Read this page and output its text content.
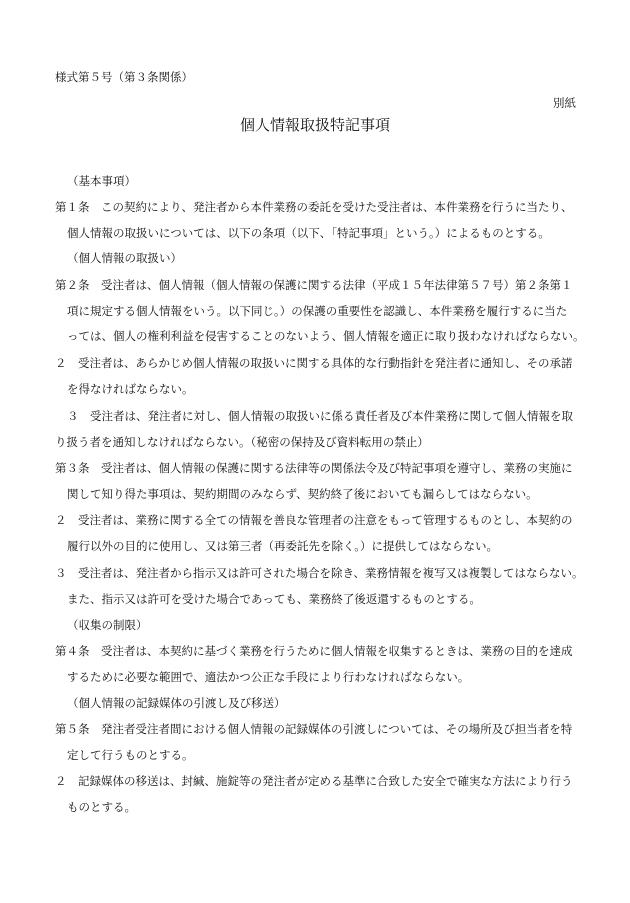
様式第５号（第３条関係）
別紙
個人情報取扱特記事項
（基本事項）
第１条　この契約により、発注者から本件業務の委託を受けた受注者は、本件業務を行うに当たり、
個人情報の取扱いについては、以下の条項（以下、「特記事項」という。）によるものとする。
（個人情報の取扱い）
第２条　受注者は、個人情報（個人情報の保護に関する法律（平成１５年法律第５７号）第２条第１
項に規定する個人情報をいう。以下同じ。）の保護の重要性を認識し、本件業務を履行するに当た
っては、個人の権利利益を侵害することのないよう、個人情報を適正に取り扱わなければならない。
２　受注者は、あらかじめ個人情報の取扱いに関する具体的な行動指針を発注者に通知し、その承諾
を得なければならない。
３　受注者は、発注者に対し、個人情報の取扱いに係る責任者及び本件業務に関して個人情報を取
り扱う者を通知しなければならない。（秘密の保持及び資料転用の禁止）
第３条　受注者は、個人情報の保護に関する法律等の関係法令及び特記事項を遵守し、業務の実施に
関して知り得た事項は、契約期間のみならず、契約終了後においても漏らしてはならない。
２　受注者は、業務に関する全ての情報を善良な管理者の注意をもって管理するものとし、本契約の
履行以外の目的に使用し、又は第三者（再委託先を除く。）に提供してはならない。
３　受注者は、発注者から指示又は許可された場合を除き、業務情報を複写又は複製してはならない。
また、指示又は許可を受けた場合であっても、業務終了後返還するものとする。
（収集の制限）
第４条　受注者は、本契約に基づく業務を行うために個人情報を収集するときは、業務の目的を達成
するために必要な範囲で、適法かつ公正な手段により行わなければならない。
（個人情報の記録媒体の引渡し及び移送）
第５条　発注者受注者間における個人情報の記録媒体の引渡しについては、その場所及び担当者を特
定して行うものとする。
２　記録媒体の移送は、封緘、施錠等の発注者が定める基準に合致した安全で確実な方法により行う
ものとする。
